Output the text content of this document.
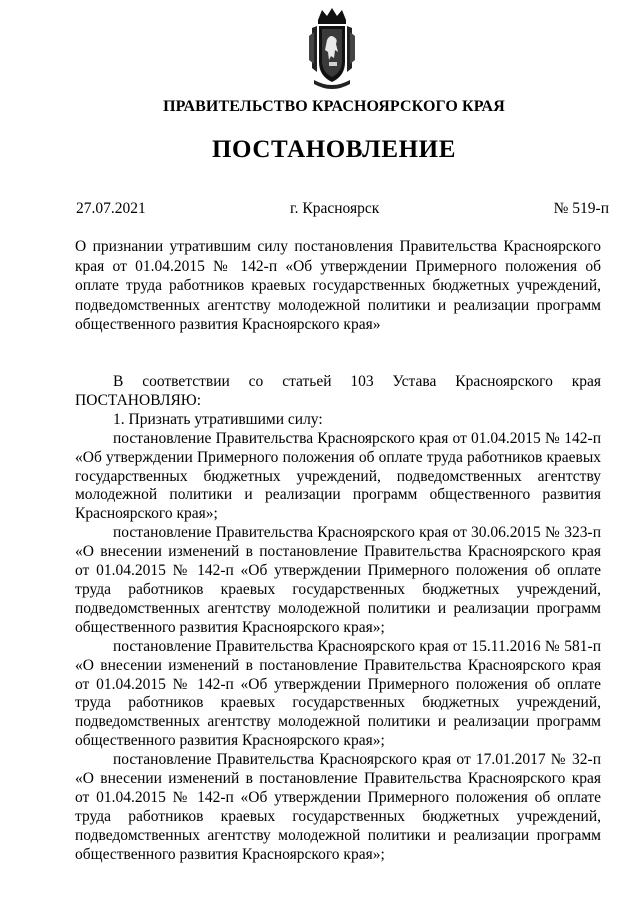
ПРАВИТЕЛЬСТВО КРАСНОЯРСКОГО КРАЯ
ПОСТАНОВЛЕНИЕ
27.07.2021	г. Красноярск	№ 519-п
О признании утратившим силу постановления Правительства Красноярского края от 01.04.2015 № 142-п «Об утверждении Примерного положения об оплате труда работников краевых государственных бюджетных учреждений, подведомственных агентству молодежной политики и реализации программ общественного развития Красноярского края»

В соответствии со статьей 103 Устава Красноярского края

ПОСТАНОВЛЯЮ:

1. Признать утратившими силу:

постановление Правительства Красноярского края от 01.04.2015 № 142-п «Об утверждении Примерного положения об оплате труда работников краевых государственных бюджетных учреждений, подведомственных агентству молодежной политики и реализации программ общественного развития Красноярского края»;

постановление Правительства Красноярского края от 30.06.2015 № 323-п «О внесении изменений в постановление Правительства Красноярского края от 01.04.2015 № 142-п «Об утверждении Примерного положения об оплате труда работников краевых государственных бюджетных учреждений, подведомственных агентству молодежной политики и реализации программ общественного развития Красноярского края»;

постановление Правительства Красноярского края от 15.11.2016 № 581-п «О внесении изменений в постановление Правительства Красноярского края от 01.04.2015 № 142-п «Об утверждении Примерного положения об оплате труда работников краевых государственных бюджетных учреждений, подведомственных агентству молодежной политики и реализации программ общественного развития Красноярского края»;

постановление Правительства Красноярского края от 17.01.2017 № 32-п «О внесении изменений в постановление Правительства Красноярского края от 01.04.2015 № 142-п «Об утверждении Примерного положения об оплате труда работников краевых государственных бюджетных учреждений, подведомственных агентству молодежной политики и реализации программ общественного развития Красноярского края»;
